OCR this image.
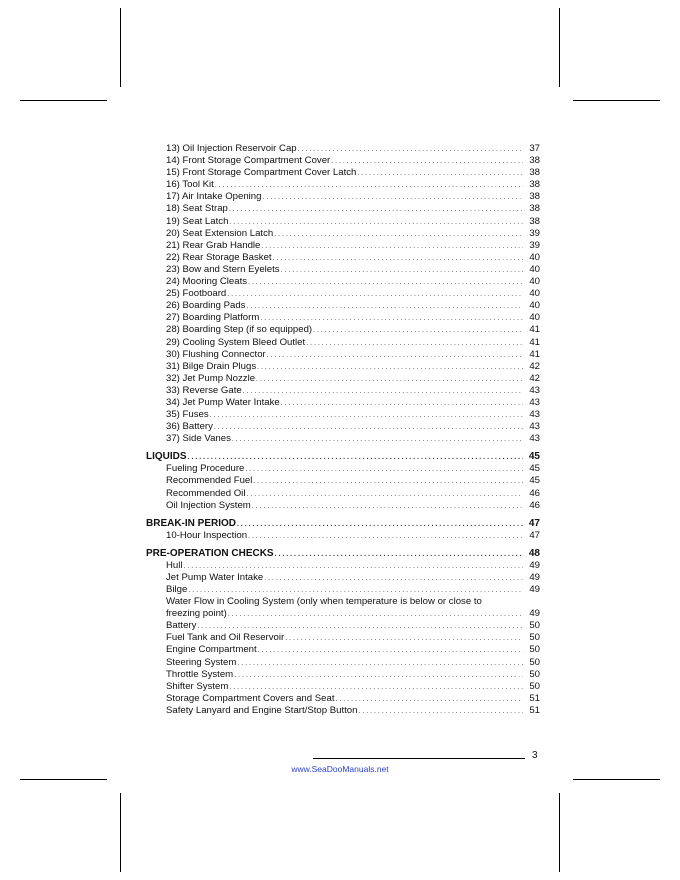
13) Oil Injection Reservoir Cap . . .	37
14) Front Storage Compartment Cover . . .	38
15) Front Storage Compartment Cover Latch . . .	38
16) Tool Kit . . .	38
17) Air Intake Opening . . .	38
18) Seat Strap . . .	38
19) Seat Latch . . .	38
20) Seat Extension Latch . . .	39
21) Rear Grab Handle . . .	39
22) Rear Storage Basket . . .	40
23) Bow and Stern Eyelets . . .	40
24) Mooring Cleats . . .	40
25) Footboard . . .	40
26) Boarding Pads . . .	40
27) Boarding Platform . . .	40
28) Boarding Step (if so equipped) . . .	41
29) Cooling System Bleed Outlet . . .	41
30) Flushing Connector . . .	41
31) Bilge Drain Plugs . . .	42
32) Jet Pump Nozzle . . .	42
33) Reverse Gate . . .	43
34) Jet Pump Water Intake . . .	43
35) Fuses . . .	43
36) Battery . . .	43
37) Side Vanes . . .	43
LIQUIDS . . .	45
Fueling Procedure . . .	45
Recommended Fuel . . .	45
Recommended Oil . . .	46
Oil Injection System . . .	46
BREAK-IN PERIOD . . .	47
10-Hour Inspection . . .	47
PRE-OPERATION CHECKS . . .	48
Hull . . .	49
Jet Pump Water Intake . . .	49
Bilge . . .	49
Water Flow in Cooling System (only when temperature is below or close to
freezing point) . . .	49
Battery . . .	50
Fuel Tank and Oil Reservoir . . .	50
Engine Compartment . . .	50
Steering System . . .	50
Throttle System . . .	50
Shifter System . . .	50
Storage Compartment Covers and Seat . . .	51
Safety Lanyard and Engine Start/Stop Button . . .	51
3
www.SeaDooManuals.net
